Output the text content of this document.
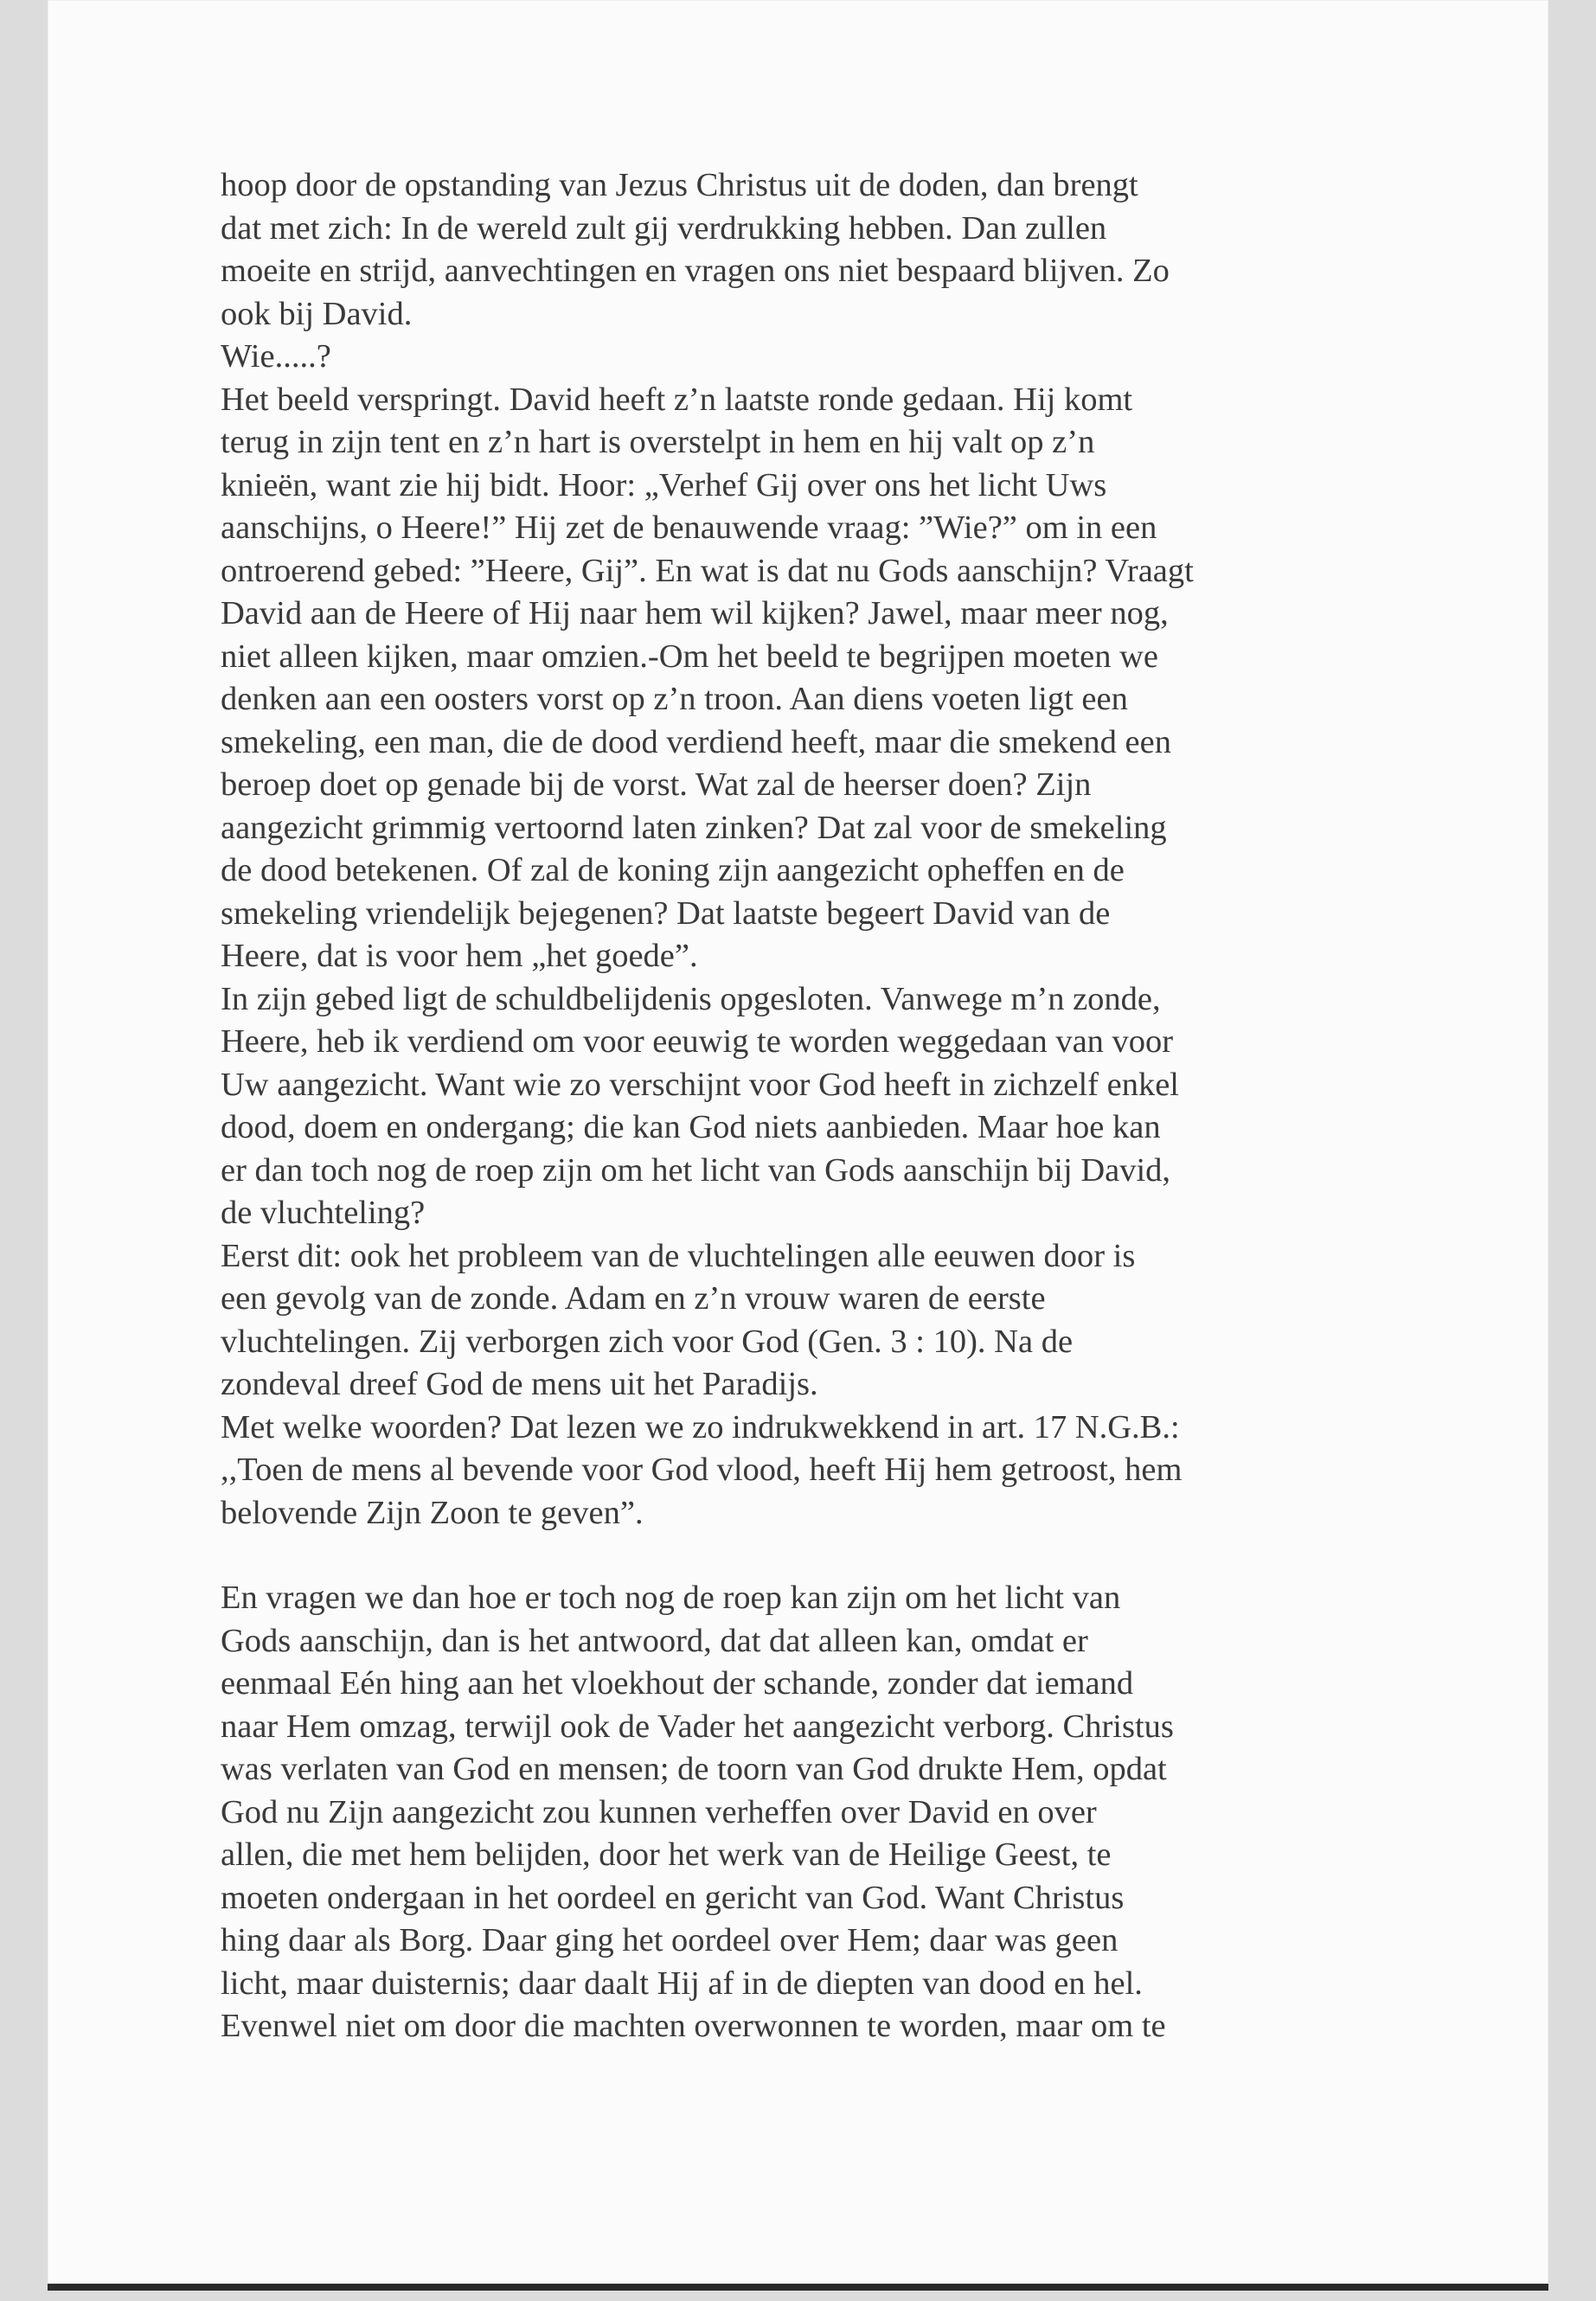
hoop door de opstanding van Jezus Christus uit de doden, dan brengt
dat met zich: In de wereld zult gij verdrukking hebben. Dan zullen
moeite en strijd, aanvechtingen en vragen ons niet bespaard blijven. Zo
ook bij David.
Wie.....?
Het beeld verspringt. David heeft z’n laatste ronde gedaan. Hij komt
terug in zijn tent en z’n hart is overstelpt in hem en hij valt op z’n
knieën, want zie hij bidt. Hoor: „Verhef Gij over ons het licht Uws
aanschijns, o Heere!” Hij zet de benauwende vraag: ”Wie?” om in een
ontroerend gebed: ”Heere, Gij”. En wat is dat nu Gods aanschijn? Vraagt
David aan de Heere of Hij naar hem wil kijken? Jawel, maar meer nog,
niet alleen kijken, maar omzien.-Om het beeld te begrijpen moeten we
denken aan een oosters vorst op z’n troon. Aan diens voeten ligt een
smekeling, een man, die de dood verdiend heeft, maar die smekend een
beroep doet op genade bij de vorst. Wat zal de heerser doen? Zijn
aangezicht grimmig vertoornd laten zinken? Dat zal voor de smekeling
de dood betekenen. Of zal de koning zijn aangezicht opheffen en de
smekeling vriendelijk bejegenen? Dat laatste begeert David van de
Heere, dat is voor hem „het goede”.
In zijn gebed ligt de schuldbelijdenis opgesloten. Vanwege m’n zonde,
Heere, heb ik verdiend om voor eeuwig te worden weggedaan van voor
Uw aangezicht. Want wie zo verschijnt voor God heeft in zichzelf enkel
dood, doem en ondergang; die kan God niets aanbieden. Maar hoe kan
er dan toch nog de roep zijn om het licht van Gods aanschijn bij David,
de vluchteling?
Eerst dit: ook het probleem van de vluchtelingen alle eeuwen door is
een gevolg van de zonde. Adam en z’n vrouw waren de eerste
vluchtelingen. Zij verborgen zich voor God (Gen. 3 : 10). Na de
zondeval dreef God de mens uit het Paradijs.
Met welke woorden? Dat lezen we zo indrukwekkend in art. 17 N.G.B.:
,,Toen de mens al bevende voor God vlood, heeft Hij hem getroost, hem
belovende Zijn Zoon te geven”.
En vragen we dan hoe er toch nog de roep kan zijn om het licht van
Gods aanschijn, dan is het antwoord, dat dat alleen kan, omdat er
eenmaal Eén hing aan het vloekhout der schande, zonder dat iemand
naar Hem omzag, terwijl ook de Vader het aangezicht verborg. Christus
was verlaten van God en mensen; de toorn van God drukte Hem, opdat
God nu Zijn aangezicht zou kunnen verheffen over David en over
allen, die met hem belijden, door het werk van de Heilige Geest, te
moeten ondergaan in het oordeel en gericht van God. Want Christus
hing daar als Borg. Daar ging het oordeel over Hem; daar was geen
licht, maar duisternis; daar daalt Hij af in de diepten van dood en hel.
Evenwel niet om door die machten overwonnen te worden, maar om te
